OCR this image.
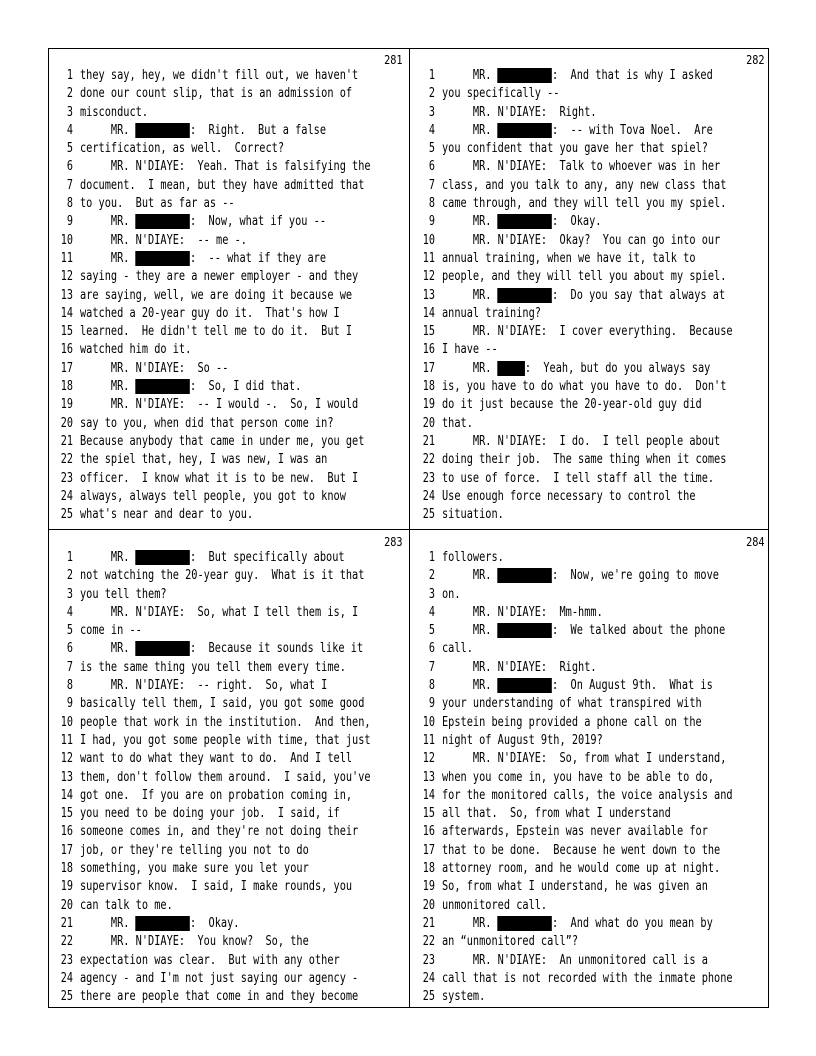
281
1 they say, hey, we didn't fill out, we haven't
2 done our count slip, that is an admission of
3 misconduct.
4 MR.	:  Right.  But a false
5 certification, as well.  Correct?
6 MR. N'DIAYE:  Yeah. That is falsifying the
7 document.  I mean, but they have admitted that
8 to you.  But as far as --
9 MR.	:  Now, what if you --
10 MR. N'DIAYE:  -- me -.
11 MR.	:  -- what if they are
12 saying - they are a newer employer - and they
13 are saying, well, we are doing it because we
14 watched a 20-year guy do it.  That's how I
15 learned.  He didn't tell me to do it.  But I
16 watched him do it.
17 MR. N'DIAYE:  So --
18 MR.	:  So, I did that.
19 MR. N'DIAYE:  -- I would -.  So, I would
20 say to you, when did that person come in?
21 Because anybody that came in under me, you get
22 the spiel that, hey, I was new, I was an
23 officer.  I know what it is to be new.  But I
24 always, always tell people, you got to know
25 what's near and dear to you.
282
1 MR.	:  And that is why I asked
2 you specifically --
3 MR. N'DIAYE:  Right.
4 MR.	:  -- with Tova Noel.  Are
5 you confident that you gave her that spiel?
6 MR. N'DIAYE:  Talk to whoever was in her
7 class, and you talk to any, any new class that
8 came through, and they will tell you my spiel.
9 MR.	:  Okay.
10 MR. N'DIAYE:  Okay?  You can go into our
11 annual training, when we have it, talk to
12 people, and they will tell you about my spiel.
13 MR.	:  Do you say that always at
14 annual training?
15 MR. N'DIAYE:  I cover everything.  Because
16 I have --
17 MR. :  Yeah, but do you always say
18 is, you have to do what you have to do.  Don't
19 do it just because the 20-year-old guy did
20 that.
21 MR. N'DIAYE:  I do.  I tell people about
22 doing their job.  The same thing when it comes
23 to use of force.  I tell staff all the time.
24 Use enough force necessary to control the
25 situation.
283
1 MR.	:  But specifically about
2 not watching the 20-year guy.  What is it that
3 you tell them?
4 MR. N'DIAYE:  So, what I tell them is, I
5 come in --
6 MR.	:  Because it sounds like it
7 is the same thing you tell them every time.
8 MR. N'DIAYE:  -- right.  So, what I
9 basically tell them, I said, you got some good
10 people that work in the institution.  And then,
11 I had, you got some people with time, that just
12 want to do what they want to do.  And I tell
13 them, don't follow them around.  I said, you've
14 got one.  If you are on probation coming in,
15 you need to be doing your job.  I said, if
16 someone comes in, and they're not doing their
17 job, or they're telling you not to do
18 something, you make sure you let your
19 supervisor know.  I said, I make rounds, you
20 can talk to me.
21 MR.	:  Okay.
22 MR. N'DIAYE:  You know?  So, the
23 expectation was clear.  But with any other
24 agency - and I'm not just saying our agency -
25 there are people that come in and they become
284
1 followers.
2 MR.	:  Now, we're going to move
3 on.
4 MR. N'DIAYE:  Mm-hmm.
5 MR.	:  We talked about the phone
6 call.
7 MR. N'DIAYE:  Right.
8 MR.	:  On August 9th.  What is
9 your understanding of what transpired with
10 Epstein being provided a phone call on the
11 night of August 9th, 2019?
12 MR. N'DIAYE:  So, from what I understand,
13 when you come in, you have to be able to do,
14 for the monitored calls, the voice analysis and
15 all that.  So, from what I understand
16 afterwards, Epstein was never available for
17 that to be done.  Because he went down to the
18 attorney room, and he would come up at night.
19 So, from what I understand, he was given an
20 unmonitored call.
21 MR.	:  And what do you mean by
22 an “unmonitored call”?
23 MR. N'DIAYE:  An unmonitored call is a
24 call that is not recorded with the inmate phone
25 system.
